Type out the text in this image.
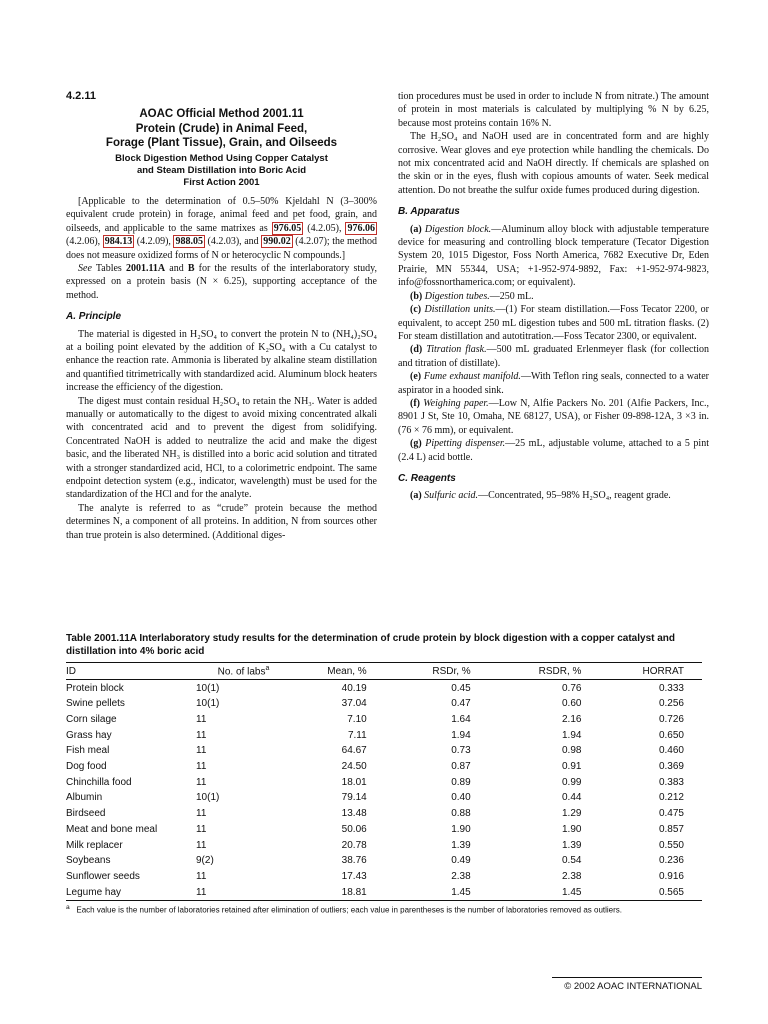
4.2.11
AOAC Official Method 2001.11
Protein (Crude) in Animal Feed,
Forage (Plant Tissue), Grain, and Oilseeds
Block Digestion Method Using Copper Catalyst
and Steam Distillation into Boric Acid
First Action 2001

[Applicable to the determination of 0.5–50% Kjeldahl N (3–300% equivalent crude protein) in forage, animal feed and pet food, grain, and oilseeds, and applicable to the same matrixes as 976.05 (4.2.05), 976.06 (4.2.06), 984.13 (4.2.09), 988.05 (4.2.03), and 990.02 (4.2.07); the method does not measure oxidized forms of N or heterocyclic N compounds.]

See Tables 2001.11A and B for the results of the interlaboratory study, expressed on a protein basis (N × 6.25), supporting acceptance of the method.

A. Principle

The material is digested in H₂SO₄ to convert the protein N to (NH₄)₂SO₄ at a boiling point elevated by the addition of K₂SO₄ with a Cu catalyst to enhance the reaction rate. Ammonia is liberated by alkaline steam distillation and quantified titrimetrically with standardized acid. Aluminum block heaters increase the efficiency of the digestion.

The digest must contain residual H₂SO₄ to retain the NH₃. Water is added manually or automatically to the digest to avoid mixing concentrated alkali with concentrated acid and to prevent the digest from solidifying. Concentrated NaOH is added to neutralize the acid and make the digest basic, and the liberated NH₃ is distilled into a boric acid solution and titrated with a stronger standardized acid, HCl, to a colorimetric endpoint. The same endpoint detection system (e.g., indicator, wavelength) must be used for the standardization of the HCl and for the analyte.

The analyte is referred to as “crude” protein because the method determines N, a component of all proteins. In addition, N from sources other than true protein is also determined. (Additional diges-

tion procedures must be used in order to include N from nitrate.) The amount of protein in most materials is calculated by multiplying % N by 6.25, because most proteins contain 16% N.

The H₂SO₄ and NaOH used are in concentrated form and are highly corrosive. Wear gloves and eye protection while handling the chemicals. Do not mix concentrated acid and NaOH directly. If chemicals are splashed on the skin or in the eyes, flush with copious amounts of water. Seek medical attention. Do not breathe the sulfur oxide fumes produced during digestion.

B. Apparatus

(a) Digestion block.—Aluminum alloy block with adjustable temperature device for measuring and controlling block temperature (Tecator Digestion System 20, 1015 Digestor, Foss North America, 7682 Executive Dr, Eden Prairie, MN 55344, USA; +1-952-974-9892, Fax: +1-952-974-9823, info@fossnorthamerica.com; or equivalent).

(b) Digestion tubes.—250 mL.

(c) Distillation units.—(1) For steam distillation.—Foss Tecator 2200, or equivalent, to accept 250 mL digestion tubes and 500 mL titration flasks. (2) For steam distillation and autotitration.—Foss Tecator 2300, or equivalent.

(d) Titration flask.—500 mL graduated Erlenmeyer flask (for collection and titration of distillate).

(e) Fume exhaust manifold.—With Teflon ring seals, connected to a water aspirator in a hooded sink.

(f) Weighing paper.—Low N, Alfie Packers No. 201 (Alfie Packers, Inc., 8901 J St, Ste 10, Omaha, NE 68127, USA), or Fisher 09-898-12A, 3 ×3 in. (76 × 76 mm), or equivalent.

(g) Pipetting dispenser.—25 mL, adjustable volume, attached to a 5 pint (2.4 L) acid bottle.

C. Reagents

(a) Sulfuric acid.—Concentrated, 95–98% H₂SO₄, reagent grade.

Table 2001.11A Interlaboratory study results for the determination of crude protein by block digestion with a copper catalyst and distillation into 4% boric acid
ID	No. of labs$^a$	Mean, %	RSDr, %	RSDR, %	HORRAT
Protein block	10(1)	40.19	0.45	0.76	0.333
Swine pellets	10(1)	37.04	0.47	0.60	0.256
Corn silage	11	7.10	1.64	2.16	0.726
Grass hay	11	7.11	1.94	1.94	0.650
Fish meal	11	64.67	0.73	0.98	0.460
Dog food	11	24.50	0.87	0.91	0.369
Chinchilla food	11	18.01	0.89	0.99	0.383
Albumin	10(1)	79.14	0.40	0.44	0.212
Birdseed	11	13.48	0.88	1.29	0.475
Meat and bone meal	11	50.06	1.90	1.90	0.857
Milk replacer	11	20.78	1.39	1.39	0.550
Soybeans	9(2)	38.76	0.49	0.54	0.236
Sunflower seeds	11	17.43	2.38	2.38	0.916
Legume hay	11	18.81	1.45	1.45	0.565
$^a$ Each value is the number of laboratories retained after elimination of outliers; each value in parentheses is the number of laboratories removed as outliers.
© 2002 AOAC INTERNATIONAL
